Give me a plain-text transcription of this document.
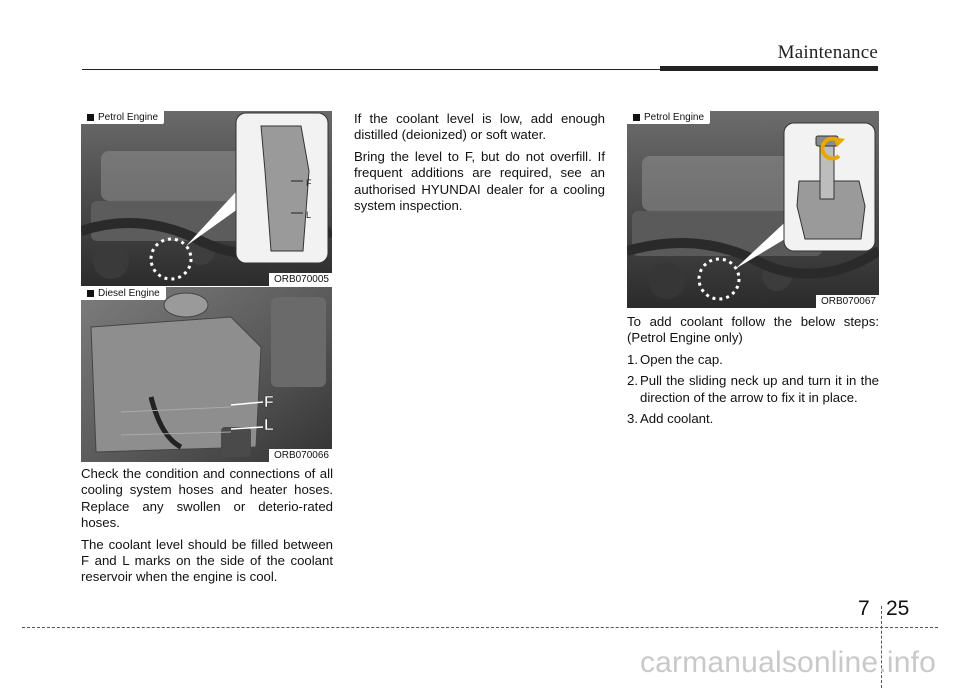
Maintenance
F
L
Petrol Engine
ORB070005
F
L
Diesel Engine
ORB070066
Petrol Engine
ORB070067

Check the condition and connections of all cooling system hoses and heater hoses. Replace any swollen or deterio-rated hoses.

The coolant level should be filled between F and L marks on the side of the coolant reservoir when the engine is cool.

If the coolant level is low, add enough distilled (deionized) or soft water.

Bring the level to F, but do not overfill. If frequent additions are required, see an authorised HYUNDAI dealer for a cooling system inspection.

To add coolant follow the below steps: (Petrol Engine only)

1. Open the cap.

2. Pull the sliding neck up and turn it in the direction of the arrow to fix it in place.

3. Add coolant.

7 25
carmanualsonline.info
